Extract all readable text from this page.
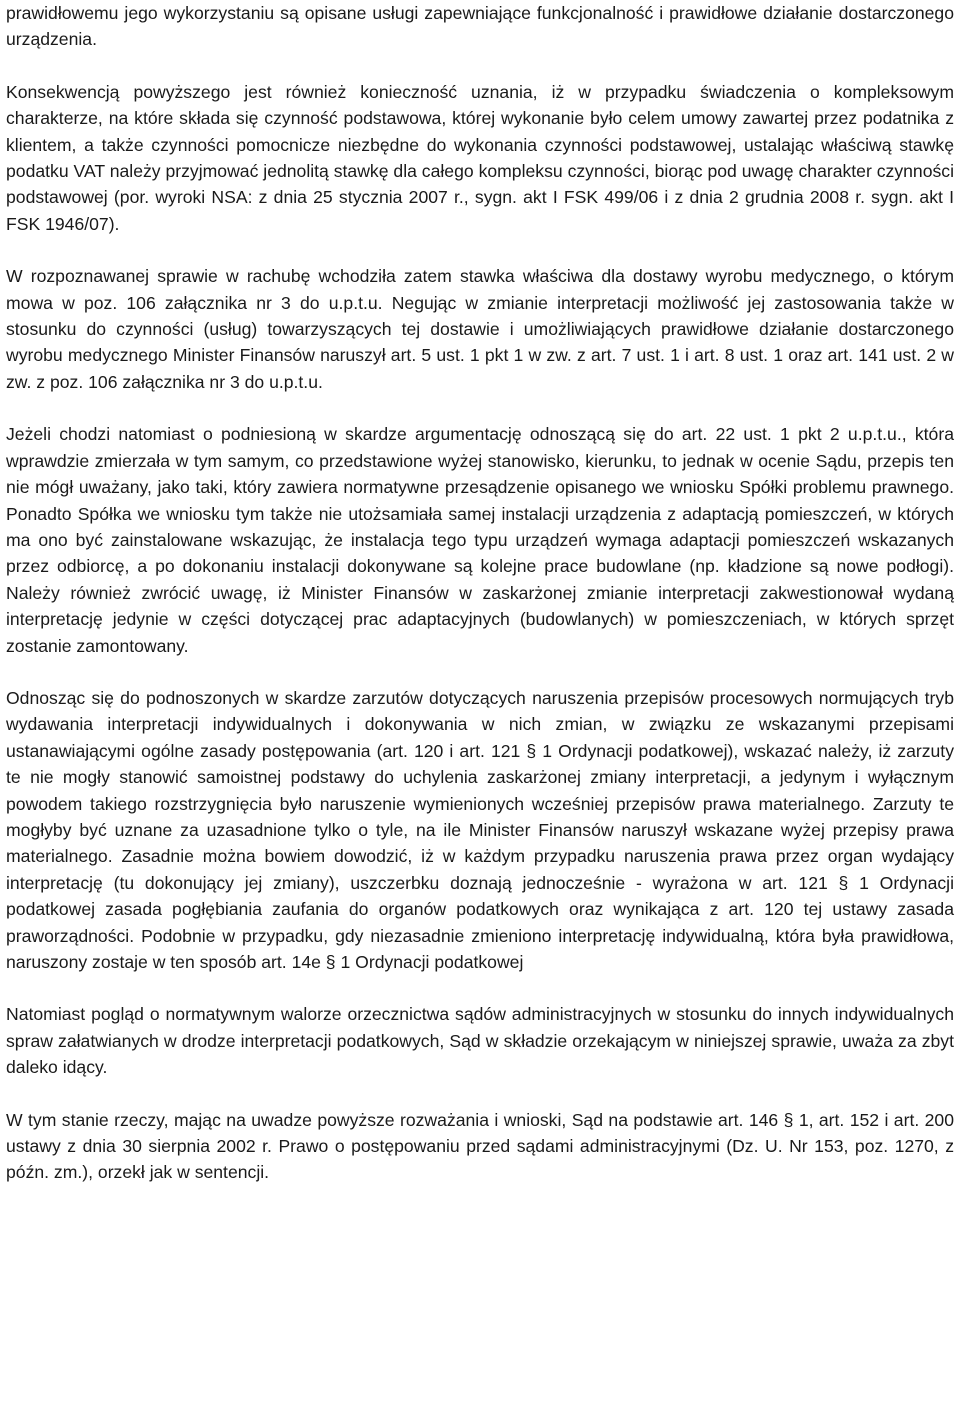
prawidłowemu jego wykorzystaniu są opisane usługi zapewniające funkcjonalność i prawidłowe działanie dostarczonego urządzenia.

Konsekwencją powyższego jest również konieczność uznania, iż w przypadku świadczenia o kompleksowym charakterze, na które składa się czynność podstawowa, której wykonanie było celem umowy zawartej przez podatnika z klientem, a także czynności pomocnicze niezbędne do wykonania czynności podstawowej, ustalając właściwą stawkę podatku VAT należy przyjmować jednolitą stawkę dla całego kompleksu czynności, biorąc pod uwagę charakter czynności podstawowej (por. wyroki NSA: z dnia 25 stycznia 2007 r., sygn. akt I FSK 499/06 i z dnia 2 grudnia 2008 r. sygn. akt I FSK 1946/07).

W rozpoznawanej sprawie w rachubę wchodziła zatem stawka właściwa dla dostawy wyrobu medycznego, o którym mowa w poz. 106 załącznika nr 3 do u.p.t.u. Negując w zmianie interpretacji możliwość jej zastosowania także w stosunku do czynności (usług) towarzyszących tej dostawie i umożliwiających prawidłowe działanie dostarczonego wyrobu medycznego Minister Finansów naruszył art. 5 ust. 1 pkt 1 w zw. z art. 7 ust. 1 i art. 8 ust. 1 oraz art. 141 ust. 2 w zw. z poz. 106 załącznika nr 3 do u.p.t.u.

Jeżeli chodzi natomiast o podniesioną w skardze argumentację odnoszącą się do art. 22 ust. 1 pkt 2 u.p.t.u., która wprawdzie zmierzała w tym samym, co przedstawione wyżej stanowisko, kierunku, to jednak w ocenie Sądu, przepis ten nie mógł uważany, jako taki, który zawiera normatywne przesądzenie opisanego we wniosku Spółki problemu prawnego. Ponadto Spółka we wniosku tym także nie utożsamiała samej instalacji urządzenia z adaptacją pomieszczeń, w których ma ono być zainstalowane wskazując, że instalacja tego typu urządzeń wymaga adaptacji pomieszczeń wskazanych przez odbiorcę, a po dokonaniu instalacji dokonywane są kolejne prace budowlane (np. kładzione są nowe podłogi). Należy również zwrócić uwagę, iż Minister Finansów w zaskarżonej zmianie interpretacji zakwestionował wydaną interpretację jedynie w części dotyczącej prac adaptacyjnych (budowlanych) w pomieszczeniach, w których sprzęt zostanie zamontowany.

Odnosząc się do podnoszonych w skardze zarzutów dotyczących naruszenia przepisów procesowych normujących tryb wydawania interpretacji indywidualnych i dokonywania w nich zmian, w związku ze wskazanymi przepisami ustanawiającymi ogólne zasady postępowania (art. 120 i art. 121 § 1 Ordynacji podatkowej), wskazać należy, iż zarzuty te nie mogły stanowić samoistnej podstawy do uchylenia zaskarżonej zmiany interpretacji, a jedynym i wyłącznym powodem takiego rozstrzygnięcia było naruszenie wymienionych wcześniej przepisów prawa materialnego. Zarzuty te mogłyby być uznane za uzasadnione tylko o tyle, na ile Minister Finansów naruszył wskazane wyżej przepisy prawa materialnego. Zasadnie można bowiem dowodzić, iż w każdym przypadku naruszenia prawa przez organ wydający interpretację (tu dokonujący jej zmiany), uszczerbku doznają jednocześnie - wyrażona w art. 121 § 1 Ordynacji podatkowej zasada pogłębiania zaufania do organów podatkowych oraz wynikająca z art. 120 tej ustawy zasada praworządności. Podobnie w przypadku, gdy niezasadnie zmieniono interpretację indywidualną, która była prawidłowa, naruszony zostaje w ten sposób art. 14e § 1 Ordynacji podatkowej

Natomiast pogląd o normatywnym walorze orzecznictwa sądów administracyjnych w stosunku do innych indywidualnych spraw załatwianych w drodze interpretacji podatkowych, Sąd w składzie orzekającym w niniejszej sprawie, uważa za zbyt daleko idący.

W tym stanie rzeczy, mając na uwadze powyższe rozważania i wnioski, Sąd na podstawie art. 146 § 1, art. 152 i art. 200 ustawy z dnia 30 sierpnia 2002 r. Prawo o postępowaniu przed sądami administracyjnymi (Dz. U. Nr 153, poz. 1270, z późn. zm.), orzekł jak w sentencji.
